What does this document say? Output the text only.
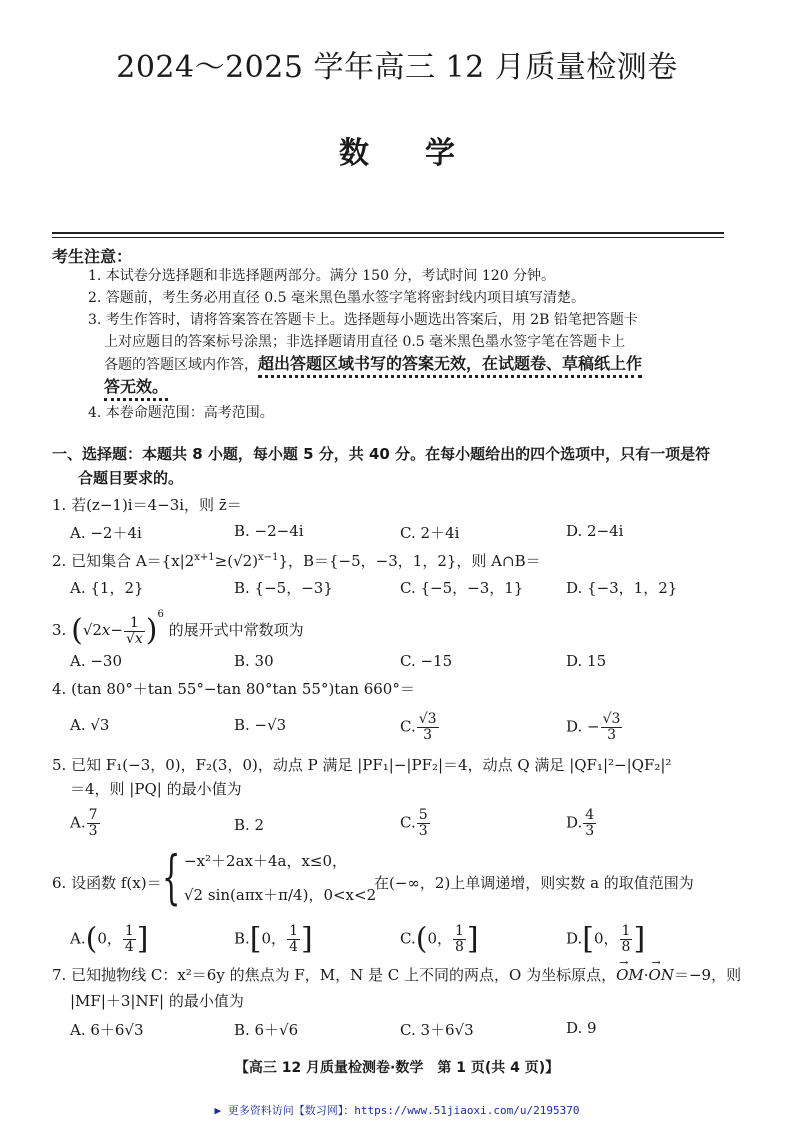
2024～2025 学年高三 12 月质量检测卷
数学
考生注意：
1. 本试卷分选择题和非选择题两部分。满分 150 分，考试时间 120 分钟。
2. 答题前，考生务必用直径 0.5 毫米黑色墨水签字笔将密封线内项目填写清楚。
3. 考生作答时，请将答案答在答题卡上。选择题每小题选出答案后，用 2B 铅笔把答题卡
上对应题目的答案标号涂黑；非选择题请用直径 0.5 毫米黑色墨水签字笔在答题卡上
各题的答题区域内作答，超出答题区域书写的答案无效，在试题卷、草稿纸上作
答无效。
4. 本卷命题范围：高考范围。
一、选择题：本题共 8 小题，每小题 5 分，共 40 分。在每小题给出的四个选项中，只有一项是符
合题目要求的。
1. 若(z−1)i＝4−3i，则 z̄＝
A. −2＋4i	B. −2−4i	C. 2＋4i	D. 2−4i
2. 已知集合 $A=\{x|2^{x+1}\ge(√2)^{x-1}\}$，B＝{−5，−3，1，2}，则 A∩B＝
A. {1，2}	B. {−5，−3}	C. {−5，−3，1}	D. {−3，1，2}
3. $(√2x- \frac{1}{√x} )^6$ 的展开式中常数项为
A. −30	B. 30	C. −15	D. 15
4. (tan 80°＋tan 55°−tan 80°tan 55°)tan 660°＝
A. √3	B. −√3	C. $\frac{√3}{3}$	D. − $\frac{√3}{3}$
5. 已知 F₁(−3，0)，F₂(3，0)，动点 P 满足 |PF₁|−|PF₂|＝4，动点 Q 满足 |QF₁|²−|QF₂|²
＝4，则 |PQ| 的最小值为
A. $\frac{7}{3}$	B. 2	C. $\frac{5}{3}$	D. $\frac{4}{3}$
6. 设函数 f(x)＝ { −x²＋2ax＋4a，x≤0，
√2 sin(aπx＋π/4)，0<x<2
在(−∞，2)上单调递增，则实数 a 的取值范围为
A.(0， $\frac{1}{4}$ ]	B.[0， $\frac{1}{4}$ ]	C.(0， $\frac{1}{8}$ ]	D.[0， $\frac{1}{8}$ ]
7. 已知抛物线 C：x²＝6y 的焦点为 F，M，N 是 C 上不同的两点，O 为坐标原点，→ OM·→ ON＝−9，则
|MF|＋3|NF| 的最小值为
A. 6＋6√3	B. 6＋√6	C. 3＋6√3	D. 9
【高三 12 月质量检测卷·数学　第 1 页(共 4 页)】
▶ 更多资料访问【数习网】：https://www.51jiaoxi.com/u/2195370
